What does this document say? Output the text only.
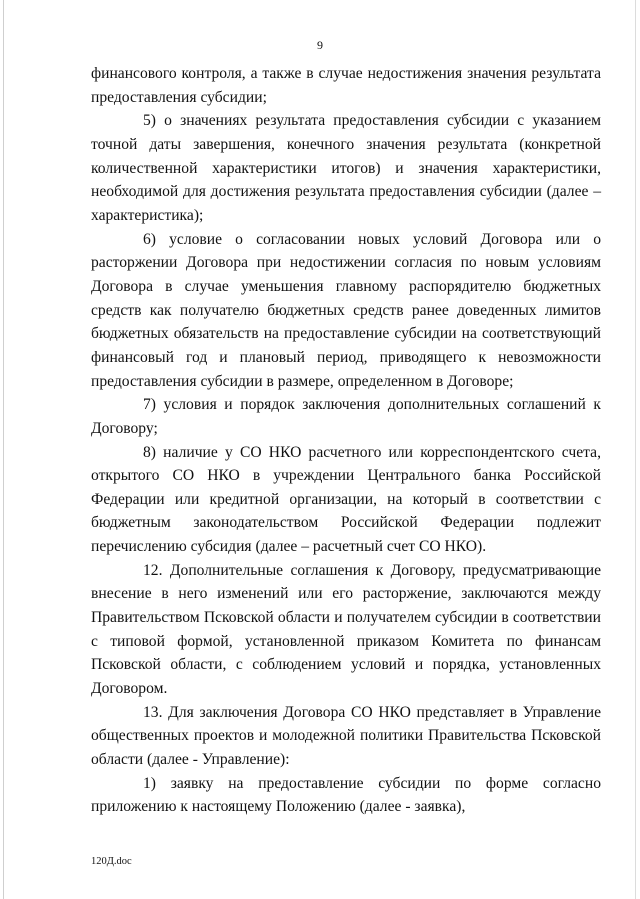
9

финансового контроля, а также в случае недостижения значения результата предоставления субсидии;

5) о значениях результата предоставления субсидии с указанием точной даты завершения, конечного значения результата (конкретной количественной характеристики итогов) и значения характеристики, необходимой для достижения результата предоставления субсидии (далее – характеристика);

6) условие о согласовании новых условий Договора или о расторжении Договора при недостижении согласия по новым условиям Договора в случае уменьшения главному распорядителю бюджетных средств как получателю бюджетных средств ранее доведенных лимитов бюджетных обязательств на предоставление субсидии на соответствующий финансовый год и плановый период, приводящего к невозможности предоставления субсидии в размере, определенном в Договоре;

7) условия и порядок заключения дополнительных соглашений к Договору;

8) наличие у СО НКО расчетного или корреспондентского счета, открытого СО НКО в учреждении Центрального банка Российской Федерации или кредитной организации, на который в соответствии с бюджетным законодательством Российской Федерации подлежит перечислению субсидия (далее – расчетный счет СО НКО).

12. Дополнительные соглашения к Договору, предусматривающие внесение в него изменений или его расторжение, заключаются между Правительством Псковской области и получателем субсидии в соответствии с типовой формой, установленной приказом Комитета по финансам Псковской области, с соблюдением условий и порядка, установленных Договором.

13. Для заключения Договора СО НКО представляет в Управление общественных проектов и молодежной политики Правительства Псковской области (далее - Управление):

1) заявку на предоставление субсидии по форме согласно приложению к настоящему Положению (далее - заявка),

120Д.doc
